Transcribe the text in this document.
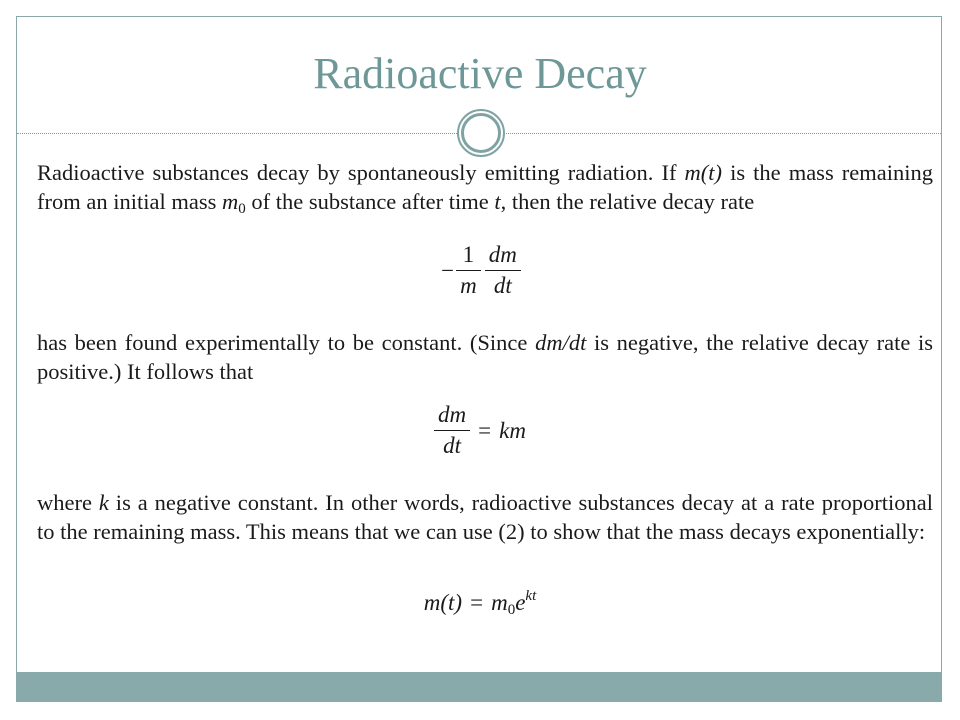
Radioactive Decay
Radioactive substances decay by spontaneously emitting radiation. If m(t) is the mass remaining from an initial mass $m_0$ of the substance after time t, then the relative decay rate
− $\frac{1}{m} \frac{dm}{dt}$
has been found experimentally to be constant. (Since dm/dt is negative, the relative decay rate is positive.) It follows that
$\frac{dm}{dt}$ = km
where k is a negative constant. In other words, radioactive substances decay at a rate proportional to the remaining mass. This means that we can use (2) to show that the mass decays exponentially:
$m(t) = m_0e^{kt}$
